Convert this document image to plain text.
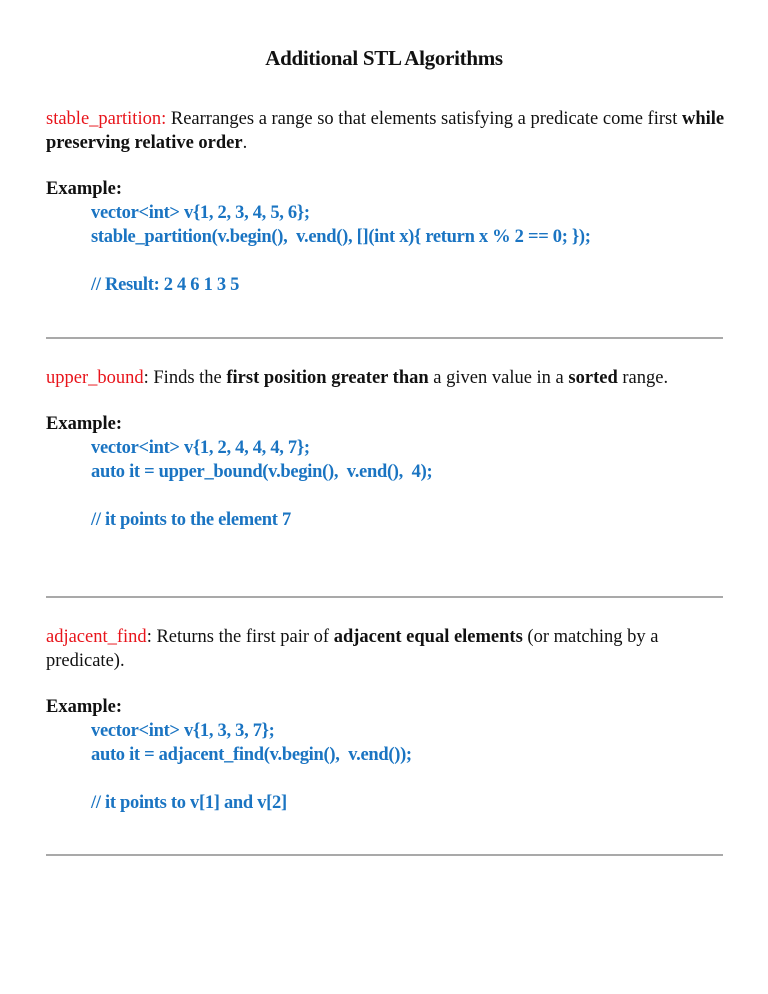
Additional STL Algorithms

stable_partition: Rearranges a range so that elements satisfying a predicate come first while preserving relative order.

Example:
vector<int> v{1, 2, 3, 4, 5, 6};
stable_partition(v.begin(),  v.end(), [](int x){ return x % 2 == 0; });
// Result: 2 4 6 1 3 5

upper_bound: Finds the first position greater than a given value in a sorted range.

Example:
vector<int> v{1, 2, 4, 4, 4, 7};
auto it = upper_bound(v.begin(),  v.end(),  4);
// it points to the element 7

adjacent_find: Returns the first pair of adjacent equal elements (or matching by a predicate).

Example:
vector<int> v{1, 3, 3, 7};
auto it = adjacent_find(v.begin(),  v.end());
// it points to v[1] and v[2]
